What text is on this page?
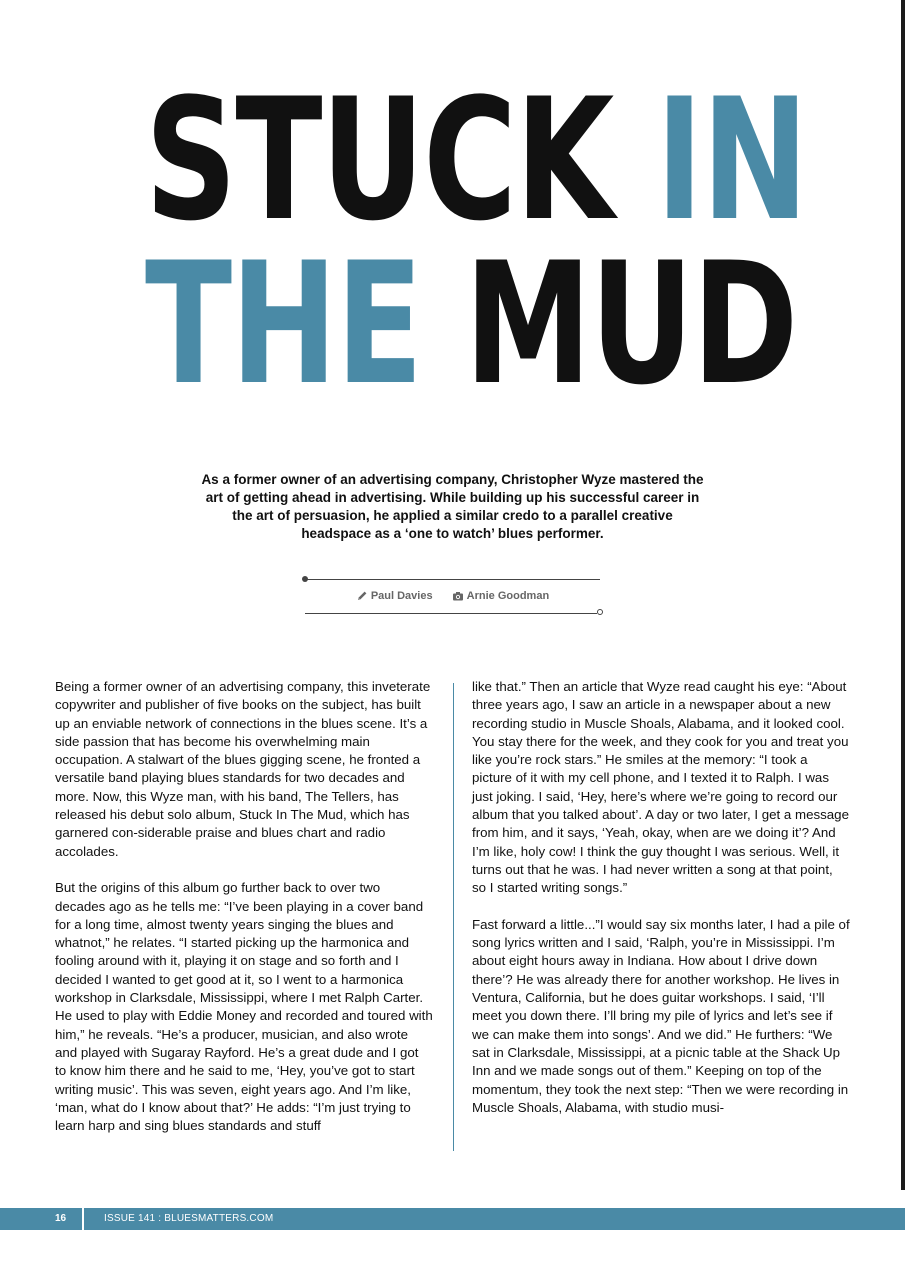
STUCK IN
THE MUD
As a former owner of an advertising company, Christopher Wyze mastered the art of getting ahead in advertising. While building up his successful career in the art of persuasion, he applied a similar credo to a parallel creative headspace as a ‘one to watch’ blues performer.
Paul Davies
	Arnie Goodman

Being a former owner of an advertising company, this inveterate copywriter and publisher of five books on the subject, has built up an enviable network of connections in the blues scene. It’s a side passion that has become his overwhelming main occupation. A stalwart of the blues gigging scene, he fronted a versatile band playing blues standards for two decades and more. Now, this Wyze man, with his band, The Tellers, has released his debut solo album, Stuck In The Mud, which has garnered con-siderable praise and blues chart and radio accolades.

But the origins of this album go further back to over two decades ago as he tells me: “I’ve been playing in a cover band for a long time, almost twenty years singing the blues and whatnot,” he relates. “I started picking up the harmonica and fooling around with it, playing it on stage and so forth and I decided I wanted to get good at it, so I went to a harmonica workshop in Clarksdale, Mississippi, where I met Ralph Carter. He used to play with Eddie Money and recorded and toured with him,” he reveals. “He’s a producer, musician, and also wrote and played with Sugaray Rayford. He’s a great dude and I got to know him there and he said to me, ‘Hey, you’ve got to start writing music’. This was seven, eight years ago. And I’m like, ‘man, what do I know about that?’ He adds: “I’m just trying to learn harp and sing blues standards and stuff

like that.” Then an article that Wyze read caught his eye: “About three years ago, I saw an article in a newspaper about a new recording studio in Muscle Shoals, Alabama, and it looked cool. You stay there for the week, and they cook for you and treat you like you’re rock stars.” He smiles at the memory: “I took a picture of it with my cell phone, and I texted it to Ralph. I was just joking. I said, ‘Hey, here’s where we’re going to record our album that you talked about’. A day or two later, I get a message from him, and it says, ‘Yeah, okay, when are we doing it’? And I’m like, holy cow! I think the guy thought I was serious. Well, it turns out that he was. I had never written a song at that point, so I started writing songs.”

Fast forward a little...”I would say six months later, I had a pile of song lyrics written and I said, ‘Ralph, you’re in Mississippi. I’m about eight hours away in Indiana. How about I drive down there’? He was already there for another workshop. He lives in Ventura, California, but he does guitar workshops. I said, ‘I’ll meet you down there. I’ll bring my pile of lyrics and let’s see if we can make them into songs’. And we did.” He furthers: “We sat in Clarksdale, Mississippi, at a picnic table at the Shack Up Inn and we made songs out of them.” Keeping on top of the momentum, they took the next step: “Then we were recording in Muscle Shoals, Alabama, with studio musi-

16	ISSUE 141 : BLUESMATTERS.COM
